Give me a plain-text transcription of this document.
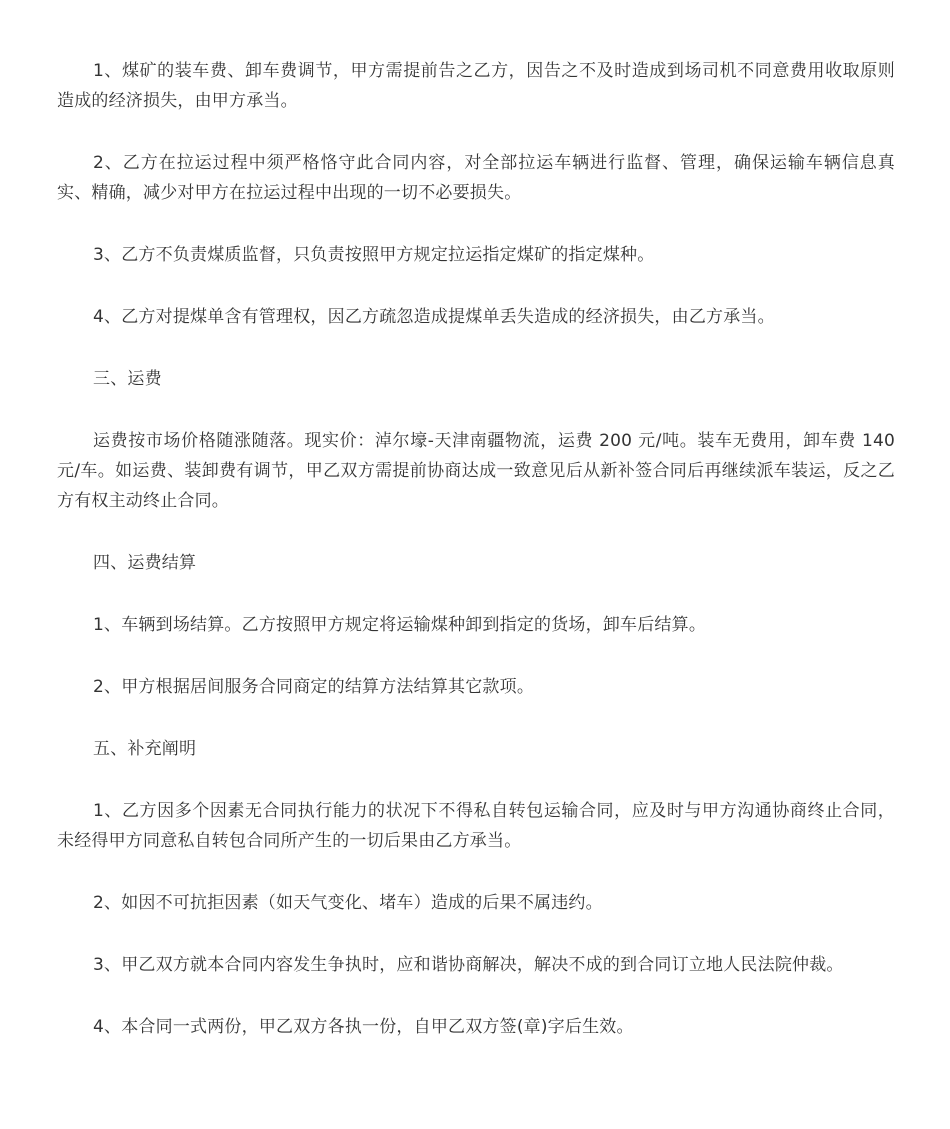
1、煤矿的装车费、卸车费调节，甲方需提前告之乙方，因告之不及时造成到场司机不同意费用收取原则造成的经济损失，由甲方承当。

2、乙方在拉运过程中须严格恪守此合同内容，对全部拉运车辆进行监督、管理，确保运输车辆信息真实、精确，减少对甲方在拉运过程中出现的一切不必要损失。

3、乙方不负责煤质监督，只负责按照甲方规定拉运指定煤矿的指定煤种。

4、乙方对提煤单含有管理权，因乙方疏忽造成提煤单丢失造成的经济损失，由乙方承当。

三、运费

运费按市场价格随涨随落。现实价：淖尔壕-天津南疆物流，运费 200 元/吨。装车无费用，卸车费 140 元/车。如运费、装卸费有调节，甲乙双方需提前协商达成一致意见后从新补签合同后再继续派车装运，反之乙方有权主动终止合同。

四、运费结算

1、车辆到场结算。乙方按照甲方规定将运输煤种卸到指定的货场，卸车后结算。

2、甲方根据居间服务合同商定的结算方法结算其它款项。

五、补充阐明

1、乙方因多个因素无合同执行能力的状况下不得私自转包运输合同，应及时与甲方沟通协商终止合同，未经得甲方同意私自转包合同所产生的一切后果由乙方承当。

2、如因不可抗拒因素（如天气变化、堵车）造成的后果不属违约。

3、甲乙双方就本合同内容发生争执时，应和谐协商解决，解决不成的到合同订立地人民法院仲裁。

4、本合同一式两份，甲乙双方各执一份，自甲乙双方签(章)字后生效。
